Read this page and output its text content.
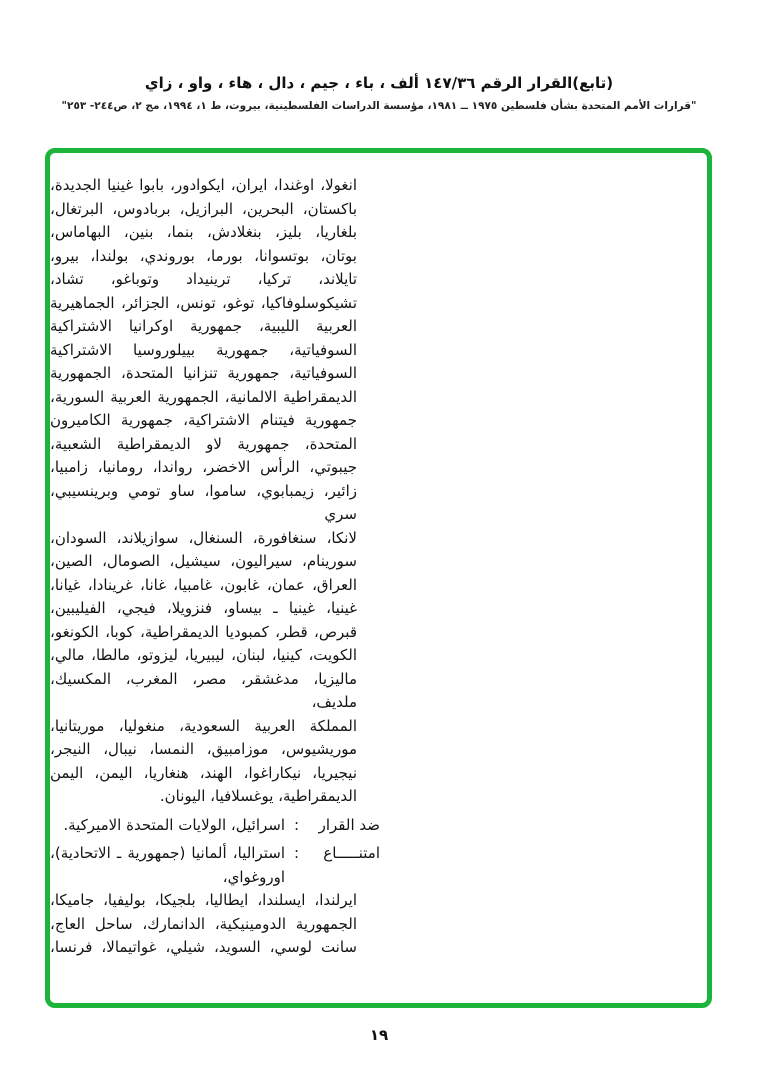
(تابع)القرار الرقم ١٤٧/٣٦ ألف ، باء ، جيم ، دال ، هاء ، واو ، زاي
"قرارات الأمم المتحدة بشأن فلسطين ١٩٧٥ ــ ١٩٨١، مؤسسة الدراسات الفلسطينية، بيروت، ط ١، ١٩٩٤، مج ٢، ص٢٤٤- ٢٥٣"
انغولا، اوغندا، ايران، ايكوادور، بابوا غينيا الجديدة،
باكستان، البحرين، البرازيل، بربادوس، البرتغال،
بلغاريا، بليز، بنغلادش، بنما، بنين، البهاماس،
بوتان، بوتسوانا، بورما، بوروندي، بولندا، بيرو،
تايلاند، تركيا، ترينيداد وتوباغو، تشاد،
تشيكوسلوفاكيا، توغو، تونس، الجزائر، الجماهيرية
العربية الليبية، جمهورية اوكرانيا الاشتراكية
السوفياتية، جمهورية بييلوروسيا الاشتراكية
السوفياتية، جمهورية تنزانيا المتحدة، الجمهورية
الديمقراطية الالمانية، الجمهورية العربية السورية،
جمهورية فيتنام الاشتراكية، جمهورية الكاميرون
المتحدة، جمهورية لاو الديمقراطية الشعبية،
جيبوتي، الرأس الاخضر، رواندا، رومانيا، زامبيا،
زائير، زيمبابوي، ساموا، ساو تومي وبرينسيبي، سري
لانكا، سنغافورة، السنغال، سوازيلاند، السودان،
سورينام، سيراليون، سيشيل، الصومال، الصين،
العراق، عمان، غابون، غامبيا، غانا، غرينادا، غيانا،
غينيا، غينيا ـ بيساو، فنزويلا، فيجي، الفيليبين،
قبرص، قطر، كمبوديا الديمقراطية، كوبا، الكونغو،
الكويت، كينيا، لبنان، ليبيريا، ليزوتو، مالطا، مالي،
ماليزيا، مدغشقر، مصر، المغرب، المكسيك، ملديف،
المملكة العربية السعودية، منغوليا، موريتانيا،
موريشيوس، موزامبيق، النمسا، نيبال، النيجر،
نيجيريا، نيكاراغوا، الهند، هنغاريا، اليمن، اليمن
الديمقراطية، يوغسلافيا، اليونان.
ضد القرار
:
اسرائيل، الولايات المتحدة الاميركية.
امتنـــــاع
:
استراليا، ألمانيا (جمهورية ـ الاتحادية)، اوروغواي،
ايرلندا، ايسلندا، ايطاليا، بلجيكا، بوليفيا، جاميكا،
الجمهورية الدومينيكية، الدانمارك، ساحل العاج،
سانت لوسي، السويد، شيلي، غواتيمالا، فرنسا،
١٩
